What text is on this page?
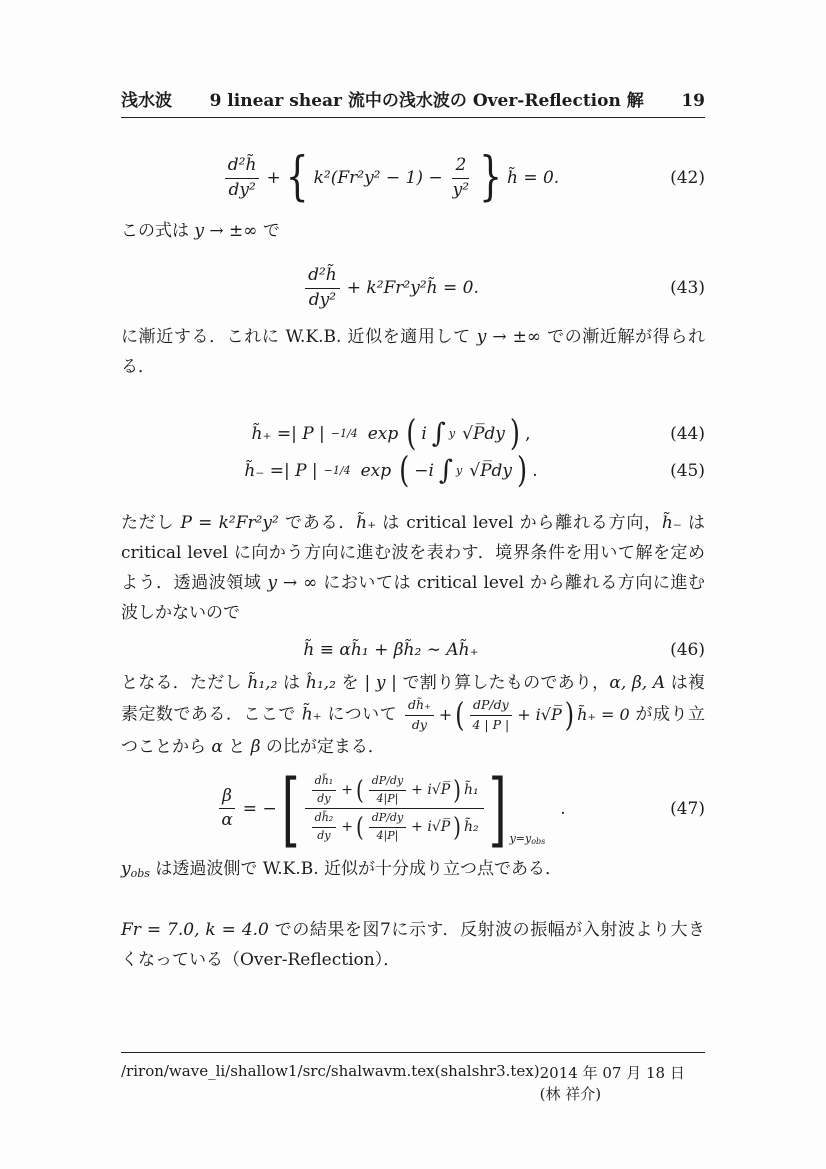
浅水波	9 linear shear 流中の浅水波の Over-Reflection 解	19
$\frac{\text{d²h̃}}{\text{dy²}}$ + { $k^2(Fr^2y^2 - 1) - \frac{2}{\text{y²}}$ } h̃ = 0.	(42)

この式は y → ±∞ で

$\frac{\text{d²h̃}}{\text{dy²}}$ + k²Fr²y²h̃ = 0.	(43)

に漸近する．これに W.K.B. 近似を適用して y → ±∞ での漸近解が得られる．

h̃₊ =| P | −1/4 exp ( i ∫ y √P̅dy ) ,	(44)
h̃₋ =| P | −1/4 exp ( −i ∫ y √P̅dy ) .	(45)

ただし P = k²Fr²y² である．h̃₊ は critical level から離れる方向，h̃₋ は critical level に向かう方向に進む波を表わす．境界条件を用いて解を定めよう．透過波領域 y → ∞ においては critical level から離れる方向に進む波しかないので

h̃ ≡ αh̃₁ + βh̃₂ ∼ Ah̃₊	(46)

となる．ただし h̃₁,₂ は ĥ₁,₂ を | y | で割り算したものであり，α, β, A は複素定数である．ここで h̃₊ について $\frac{dh̃_+}{dy}$ + ( $\frac{dP/dy}{4 | P |}$ + i√P̅ ) h̃₊ = 0 が成り立つことから α と β の比が定まる．

$\frac{\beta}{\alpha}$ = − [ $\frac{\text{dh̃₁}}{dy}$ + ( $\frac{dP/dy}{4|P|}$ + i√P̅ ) h̃₁
$\frac{\text{dh̃₂}}{dy}$ + ( $\frac{dP/dy}{4|P|}$ + i√P̅ ) h̃₂ ] y=yobs
.	(47)

yobs は透過波側で W.K.B. 近似が十分成り立つ点である．

Fr = 7.0, k = 4.0 での結果を図7に示す．反射波の振幅が入射波より大きくなっている（Over-Reflection）．

/riron/wave_li/shallow1/src/shalwavm.tex(shalshr3.tex) 2014 年 07 月 18 日 (林 祥介)
